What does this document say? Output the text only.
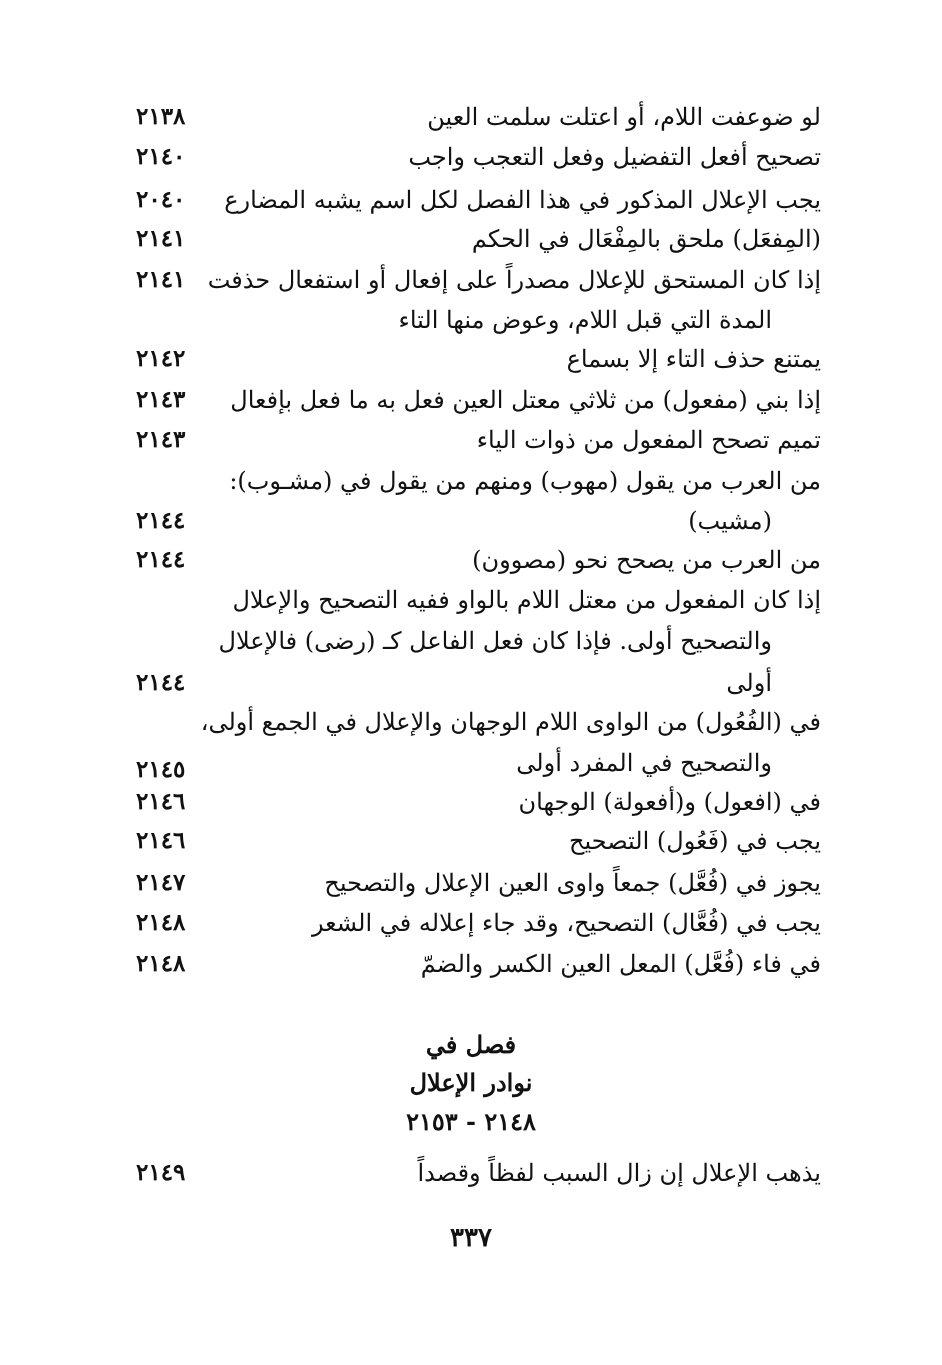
لو ضوعفت اللام، أو اعتلت سلمت العين
٢١٣٨
تصحيح أفعل التفضيل وفعل التعجب واجب
٢١٤٠
يجب الإعلال المذكور في هذا الفصل لكل اسم يشبه المضارع
٢٠٤٠
(المِفعَل) ملحق بالمِفْعَال في الحكم
٢١٤١
إذا كان المستحق للإعلال مصدراً على إفعال أو استفعال حذفت
٢١٤١
المدة التي قبل اللام، وعوض منها التاء
يمتنع حذف التاء إلا بسماع
٢١٤٢
إذا بني (مفعول) من ثلاثي معتل العين فعل به ما فعل بإفعال
٢١٤٣
تميم تصحح المفعول من ذوات الياء
٢١٤٣
من العرب من يقول (مهوب) ومنهم من يقول في (مشـوب):
(مشيب)
٢١٤٤
من العرب من يصحح نحو (مصوون)
٢١٤٤
إذا كان المفعول من معتل اللام بالواو ففيه التصحيح والإعلال
والتصحيح أولى. فإذا كان فعل الفاعل كـ (رضى) فالإعلال
أولى
٢١٤٤
في (الفُعُول) من الواوى اللام الوجهان والإعلال في الجمع أولى،
والتصحيح في المفرد أولى
٢١٤٥
في (افعول) و(أفعولة) الوجهان
٢١٤٦
يجب في (فَعُول) التصحيح
٢١٤٦
يجوز في (فُعَّل) جمعاً واوى العين الإعلال والتصحيح
٢١٤٧
يجب في (فُعَّال) التصحيح، وقد جاء إعلاله في الشعر
٢١٤٨
في فاء (فُعَّل) المعل العين الكسر والضمّ
٢١٤٨
فصل في
نوادر الإعلال
٢١٤٨ - ٢١٥٣
يذهب الإعلال إن زال السبب لفظاً وقصداً
٢١٤٩
٣٣٧
